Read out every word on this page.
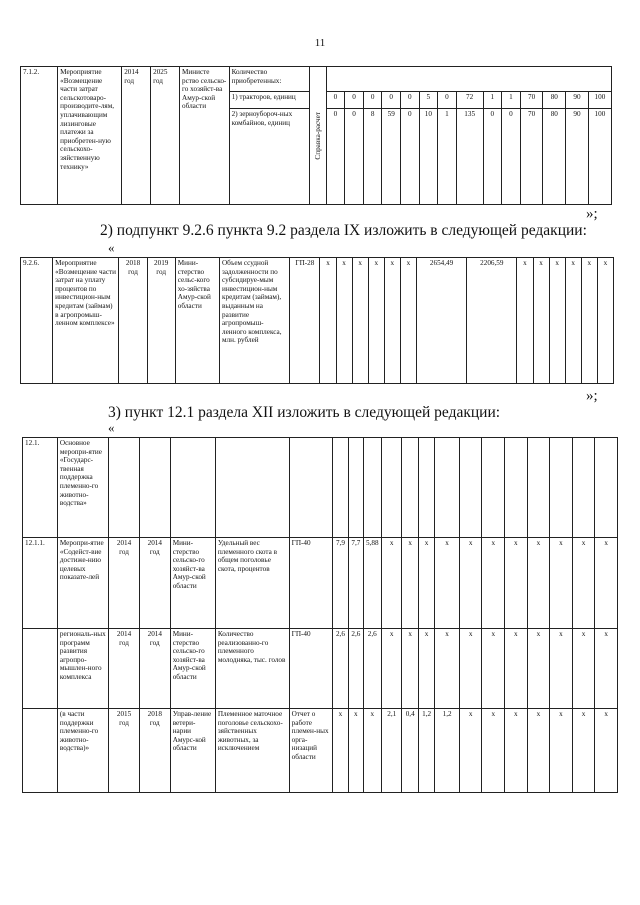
11
7.1.2.	Мероприятие «Возмещение части затрат сельскотоваро-производите-лям, уплачивающим лизинговые платежи за приобретен-ную сельскохо-зяйственную технику»	2014 год	2025 год	Министе рство сельско-го хозяйст-ва Амур-ской области	Количество приобретенных:	Справка-расчет														

					1) тракторов, единиц		0	0	0	0	0	5	0	72	1	1	70	80	90	100
					2) зерноубороч-ных комбайнов, единиц		0	0	8	59	0	10	1	135	0	0	70	80	90	100
»;
2) подпункт 9.2.6 пункта 9.2 раздела IX изложить в следующей редакции:
«
9.2.6.	Мероприятие «Возмещение части затрат на уплату процентов по инвестицион-ным кредитам (займам) в агропромыш-ленном комплексе»	2018 год	2019 год	Мини-стерство сельс-кого хо-зяйства Амур-ской области	Объем ссудной задолженности по субсидируе-мым инвестицион-ным кредитам (займам), выданным на развитие агропромыш-ленного комплекса, млн. рублей	ГП-28	х	х	х	х	х	х	2654,49	2206,59	х	х	х	х	х	х
»;
3) пункт 12.1 раздела XII изложить в следующей редакции:
«
12.1.	Основное меропри-ятие «Государс-твенная поддержка племенно-го животно-водства»																			
12.1.1.	Меропри-ятие «Содейст-вие достиже-нию целевых показате-лей	2014 год	2014 год	Мини-стерство сельско-го хозяйст-ва Амур-ской области	Удельный вес племенного скота в общем поголовье скота, процентов	ГП-40	7,9	7,7	5,88	х	х	х	х	х	х	х	х	х	х	х
	региональ-ных программ развития агропро-мышлен-ного комплекса	2014 год	2014 год	Мини-стерство сельско-го хозяйст-ва Амур-ской области	Количество реализованно-го племенного молодняка, тыс. голов	ГП-40	2,6	2,6	2,6	х	х	х	х	х	х	х	х	х	х	х
	(в части поддержки племенно-го животно-водства)»	2015 год	2018 год	Управ-ление ветери-нарии Амурс-кой области	Племенное маточное поголовье сельскохо-зяйственных животных, за исключением	Отчет о работе племен-ных орга-низаций области	х	х	х	2,1	0,4	1,2	1,2	х	х	х	х	х	х	х
